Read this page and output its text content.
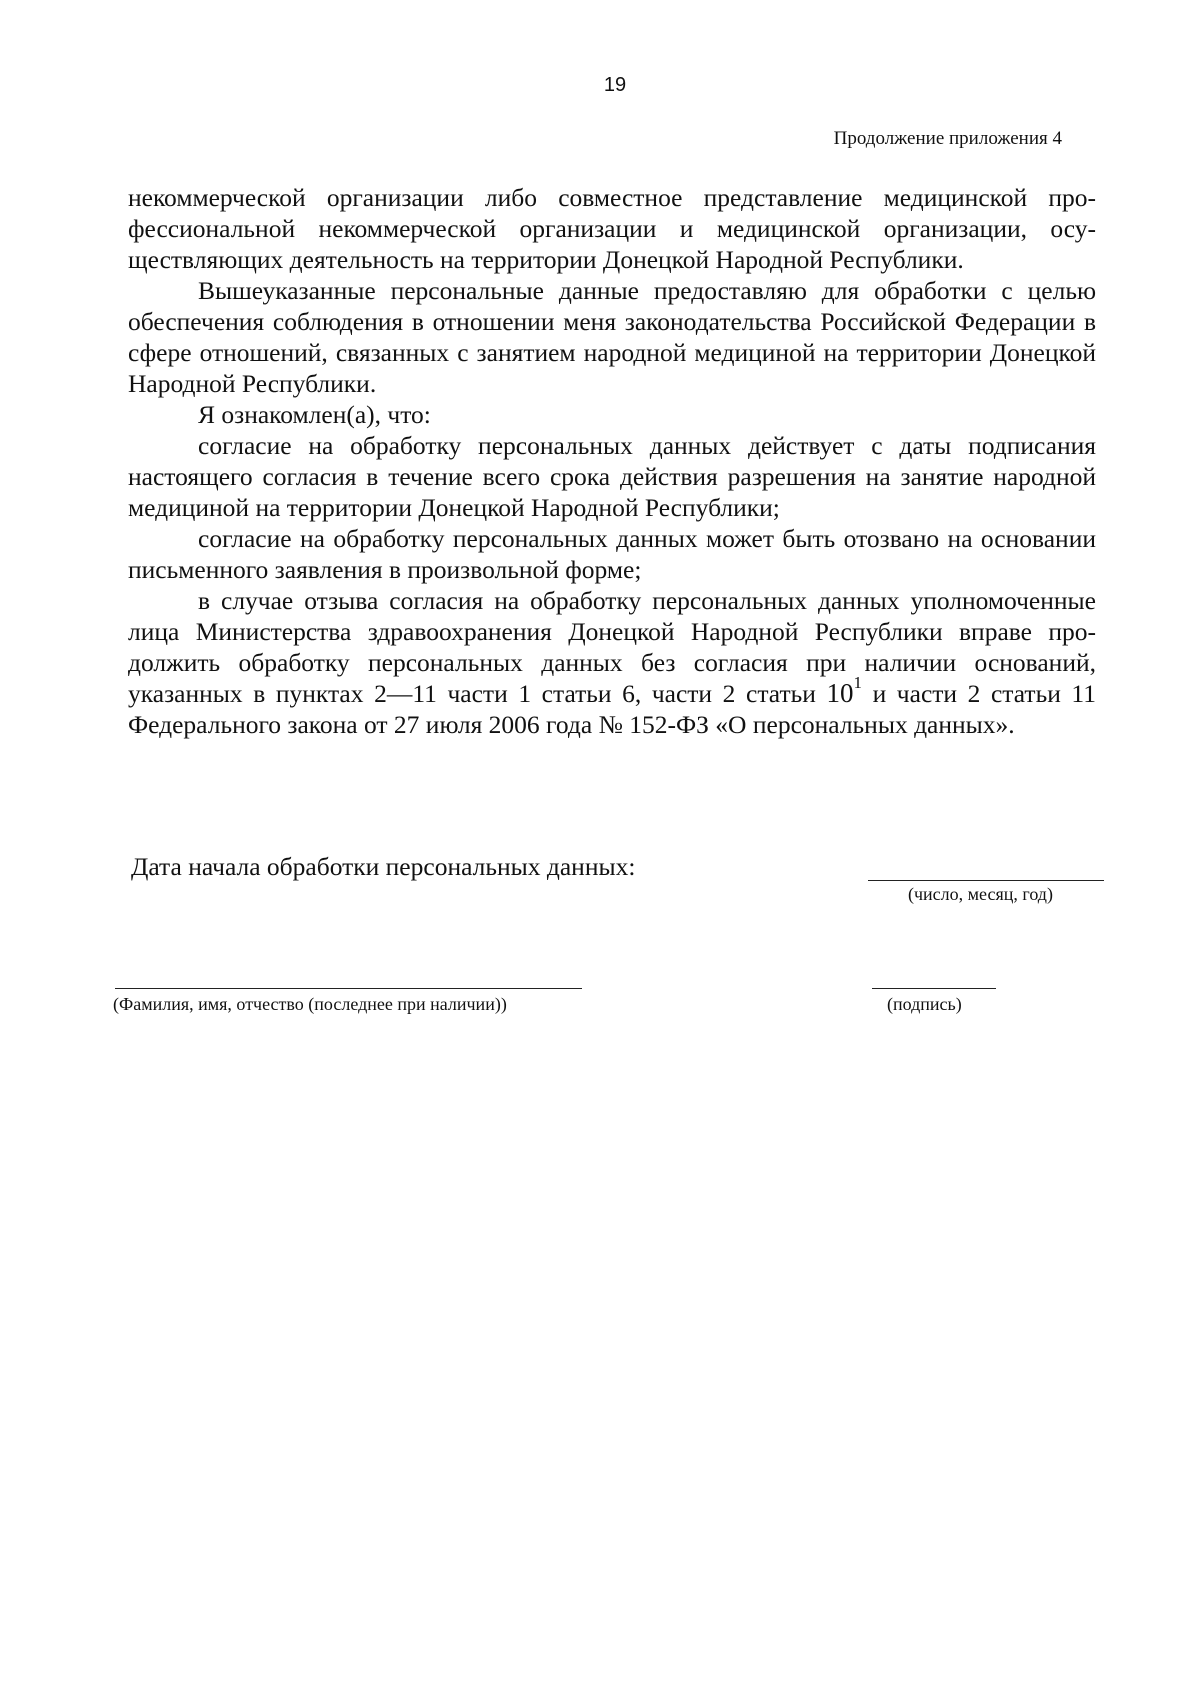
19
Продолжение приложения 4

некоммерческой организации либо совместное представление медицинской профессиональной некоммерческой организации и медицинской организации, осуществляющих деятельность на территории Донецкой Народной Республики.

Вышеуказанные персональные данные предоставляю для обработки с целью обеспечения соблюдения в отношении меня законодательства Российской Федерации в сфере отношений, связанных с занятием народной медициной на территории Донецкой Народной Республики.

Я ознакомлен(а), что:

согласие на обработку персональных данных действует с даты подписания настоящего согласия в течение всего срока действия разрешения на занятие народной медициной на территории Донецкой Народной Республики;

согласие на обработку персональных данных может быть отозвано на основании письменного заявления в произвольной форме;

в случае отзыва согласия на обработку персональных данных уполномоченные лица Министерства здравоохранения Донецкой Народной Республики вправе продолжить обработку персональных данных без согласия при наличии оснований, указанных в пунктах 2—11 части 1 статьи 6, части 2 статьи 10$^1$ и части 2 статьи 11 Федерального закона от 27 июля 2006 года № 152-ФЗ «О персональных данных».

Дата начала обработки персональных данных:
(число, месяц, год)
(Фамилия, имя, отчество (последнее при наличии))	(подпись)
